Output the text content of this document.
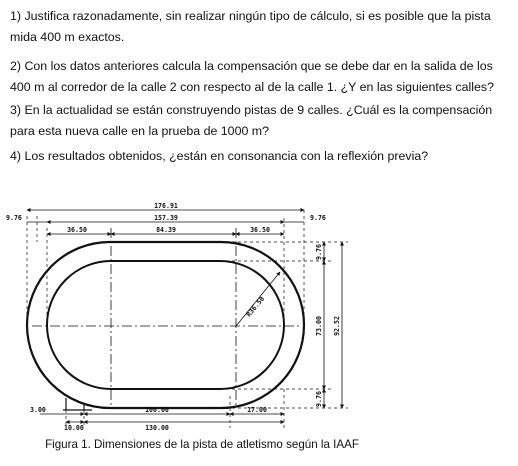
1) Justifica razonadamente, sin realizar ningún tipo de cálculo, si es posible que la pista mida 400 m exactos.

2) Con los datos anteriores calcula la compensación que se debe dar en la salida de los 400 m al corredor de la calle 2 con respecto al de la calle 1. ¿Y en las siguientes calles?

3) En la actualidad se están construyendo pistas de 9 calles. ¿Cuál es la compensación para esta nueva calle en la prueba de 1000 m?

4) Los resultados obtenidos, ¿están en consonancia con la reflexión previa?

176.91
157.39
84.39
9.76	9.76
36.50	36.50
R36.50
9.76
73.00 92.52
9.76
3.00
10.00
100.00
130.00
17.00

Figura 1. Dimensiones de la pista de atletismo según la IAAF
